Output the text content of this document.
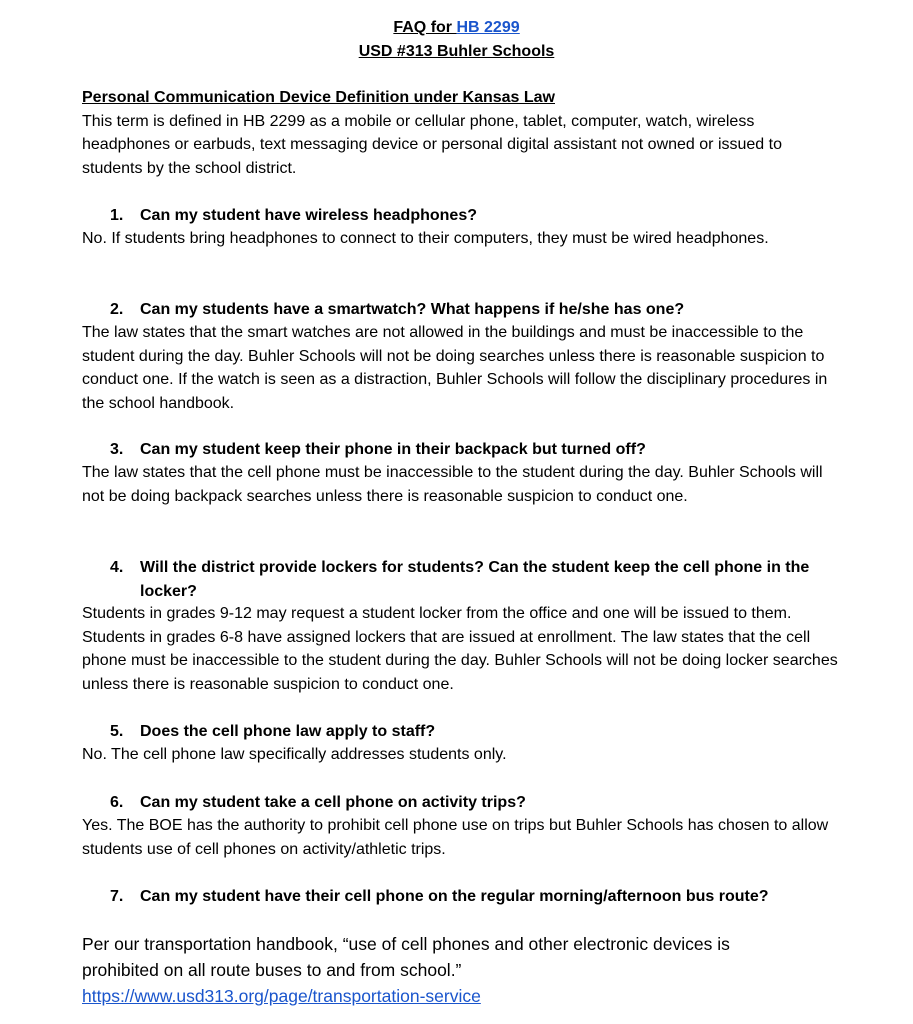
FAQ for HB 2299
USD #313 Buhler Schools
Personal Communication Device Definition under Kansas Law
This term is defined in HB 2299 as a mobile or cellular phone, tablet, computer, watch, wireless headphones or earbuds, text messaging device or personal digital assistant not owned or issued to students by the school district.
1.	Can my student have wireless headphones?
No. If students bring headphones to connect to their computers, they must be wired headphones.
2.	Can my students have a smartwatch? What happens if he/she has one?
The law states that the smart watches are not allowed in the buildings and must be inaccessible to the student during the day. Buhler Schools will not be doing searches unless there is reasonable suspicion to conduct one. If the watch is seen as a distraction, Buhler Schools will follow the disciplinary procedures in the school handbook.
3.	Can my student keep their phone in their backpack but turned off?
The law states that the cell phone must be inaccessible to the student during the day. Buhler Schools will not be doing backpack searches unless there is reasonable suspicion to conduct one.
4.	Will the district provide lockers for students? Can the student keep the cell phone in the locker?
Students in grades 9-12 may request a student locker from the office and one will be issued to them. Students in grades 6-8 have assigned lockers that are issued at enrollment. The law states that the cell phone must be inaccessible to the student during the day. Buhler Schools will not be doing locker searches unless there is reasonable suspicion to conduct one.
5.	Does the cell phone law apply to staff?
No. The cell phone law specifically addresses students only.
6.	Can my student take a cell phone on activity trips?
Yes. The BOE has the authority to prohibit cell phone use on trips but Buhler Schools has chosen to allow students use of cell phones on activity/athletic trips.
7.	Can my student have their cell phone on the regular morning/afternoon bus route?
Per our transportation handbook, “use of cell phones and other electronic devices is prohibited on all route buses to and from school.”
https://www.usd313.org/page/transportation-service
